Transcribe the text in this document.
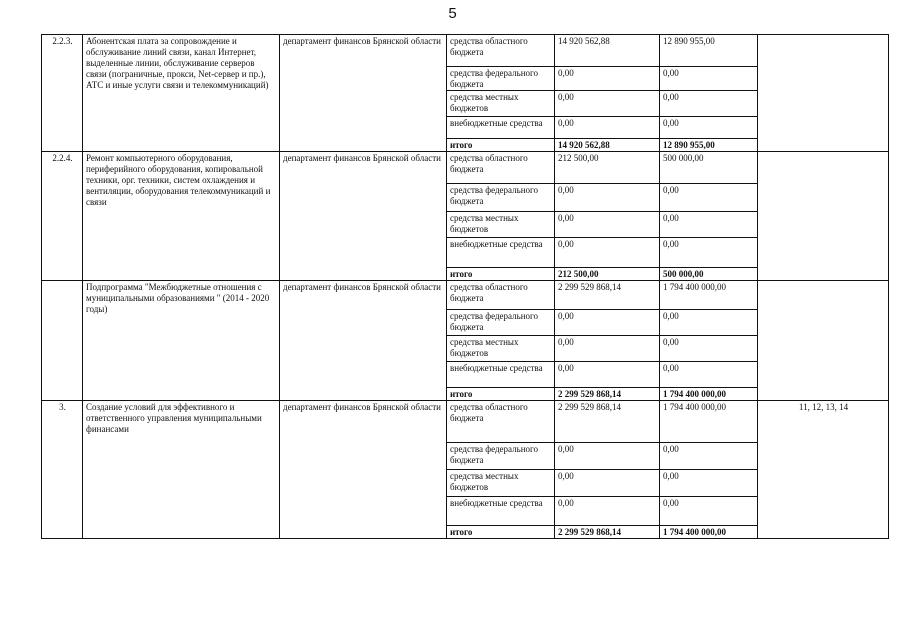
5
2.2.3.	Абонентская плата за сопровождение и обслуживание линий связи, канал Интернет, выделенные линии, обслуживание серверов связи (пограничные, прокси, Net-сервер и пр.), АТС и иные услуги связи и телекоммуникаций)	департамент финансов Брянской области	средства областного бюджета	14 920 562,88	12 890 955,00	
			средства федерального бюджета	0,00	0,00	
			средства местных бюджетов	0,00	0,00	
			внебюджетные средства	0,00	0,00	
			итого	14 920 562,88	12 890 955,00	
2.2.4.	Ремонт компьютерного оборудования, периферийного оборудования, копировальной техники, орг. техники, систем охлаждения и вентиляции, оборудования телекоммуникаций и связи	департамент финансов Брянской области	средства областного бюджета	212 500,00	500 000,00	
			средства федерального бюджета	0,00	0,00	
			средства местных бюджетов	0,00	0,00	
			внебюджетные средства	0,00	0,00	
			итого	212 500,00	500 000,00	
	Подпрограмма "Межбюджетные отношения с муниципальными образованиями " (2014 - 2020 годы)	департамент финансов Брянской области	средства областного бюджета	2 299 529 868,14	1 794 400 000,00	
			средства федерального бюджета	0,00	0,00	
			средства местных бюджетов	0,00	0,00	
			внебюджетные средства	0,00	0,00	
			итого	2 299 529 868,14	1 794 400 000,00	
3.	Создание условий для эффективного и ответственного управления муниципальными финансами	департамент финансов Брянской области	средства областного бюджета	2 299 529 868,14	1 794 400 000,00	11, 12, 13, 14
			средства федерального бюджета	0,00	0,00	
			средства местных бюджетов	0,00	0,00	
			внебюджетные средства	0,00	0,00	
			итого	2 299 529 868,14	1 794 400 000,00	
